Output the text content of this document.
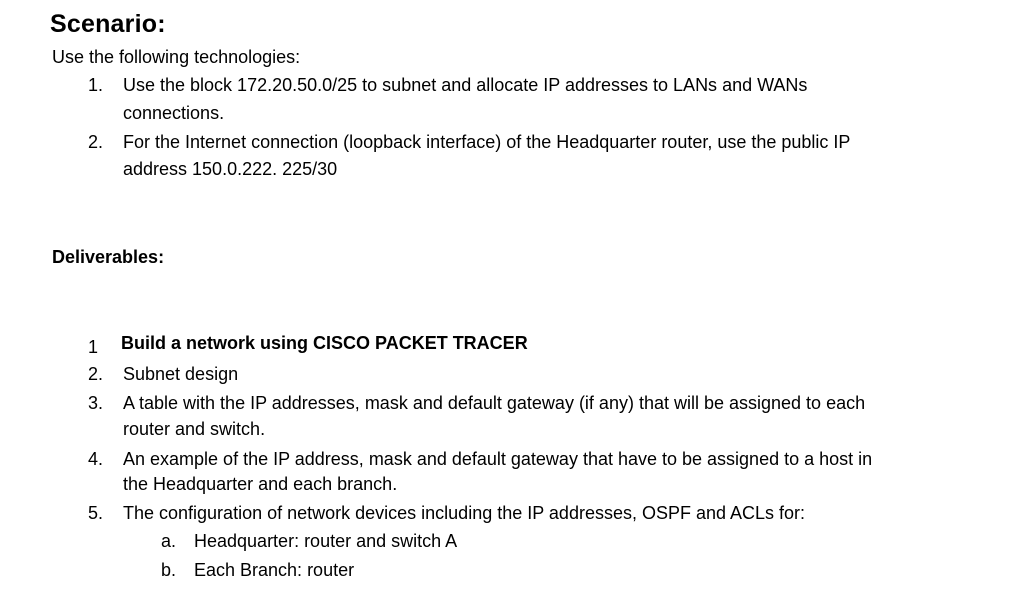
Scenario:
Use the following technologies:
1. Use the block 172.20.50.0/25 to subnet and allocate IP addresses to LANs and WANs
connections.
2. For the Internet connection (loopback interface) of the Headquarter router, use the public IP
address 150.0.222. 225/30
Deliverables:
1 Build a network using CISCO PACKET TRACER
2. Subnet design
3. A table with the IP addresses, mask and default gateway (if any) that will be assigned to each
router and switch.
4. An example of the IP address, mask and default gateway that have to be assigned to a host in
the Headquarter and each branch.
5. The configuration of network devices including the IP addresses, OSPF and ACLs for:
a. Headquarter: router and switch A
b. Each Branch: router
